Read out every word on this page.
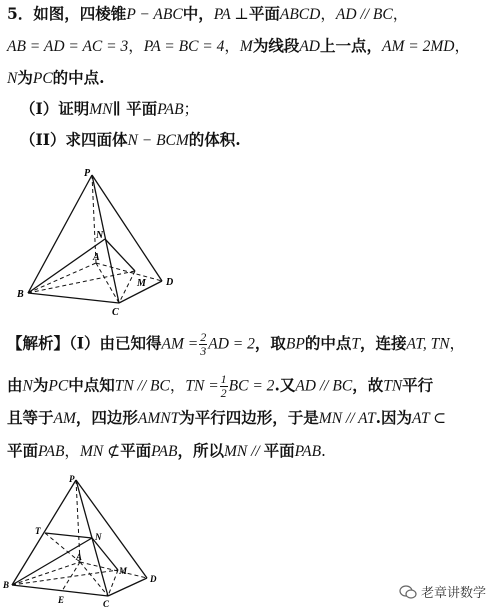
5．如图，四棱锥P − ABC中，PA ⊥平面ABCD，AD // BC，
AB = AD = AC = 3，PA = BC = 4，M为线段AD上一点，AM = 2MD，
N为PC的中点.
（I）证明MN∥ 平面PAB；
（II）求四面体N − BCM的体积.
P
N
A
M D
B
C
【解析】（I）由已知得AM = $\frac{2}{3}$ AD = 2，取BP的中点T，连接AT, TN，
由N为PC中点知TN // BC，TN = $\frac{1}{2}$ BC = 2.又AD // BC，故TN平行
且等于AM，四边形AMNT为平行四边形，于是MN // AT.因为AT ⊂
平面PAB，MN ⊄平面PAB，所以MN // 平面PAB.
P
T
N
A
M
D
B
C
E	老章讲数学
